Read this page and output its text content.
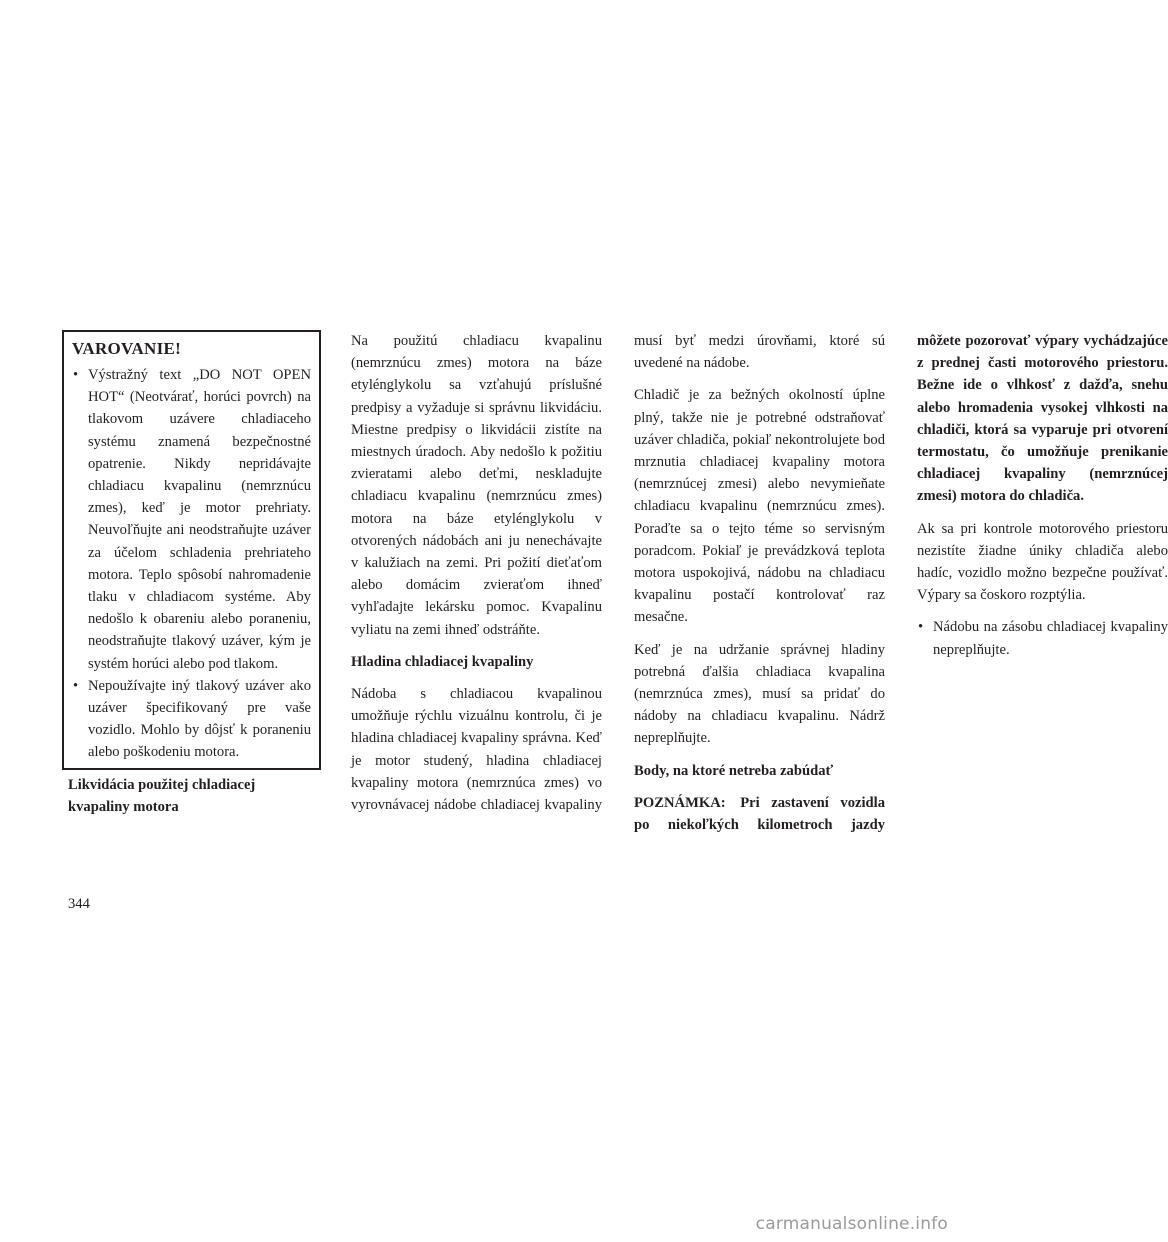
VAROVANIE!
• Výstražný text „DO NOT OPEN HOT“ (Neotvárať, horúci povrch) na tlakovom uzávere chladiaceho systému znamená bezpečnostné opatrenie. Nikdy nepridávajte chladiacu kvapalinu (nemrznúcu zmes), keď je motor prehriaty. Neuvoľňujte ani neodstraňujte uzáver za účelom schladenia prehriateho motora. Teplo spôsobí nahromadenie tlaku v chladiacom systéme. Aby nedošlo k obareniu alebo poraneniu, neodstraňujte tlakový uzáver, kým je systém horúci alebo pod tlakom.
• Nepoužívajte iný tlakový uzáver ako uzáver špecifikovaný pre vaše vozidlo. Mohlo by dôjsť k poraneniu alebo poškodeniu motora.
Likvidácia použitej chladiacej kvapaliny motora

Na použitú chladiacu kvapalinu (nemrznúcu zmes) motora na báze etylénglykolu sa vzťahujú príslušné predpisy a vyžaduje si správnu likvidáciu. Miestne predpisy o likvidácii zistíte na miestnych úradoch. Aby nedošlo k požitiu zvieratami alebo deťmi, neskladujte chladiacu kvapalinu (nemrznúcu zmes) motora na báze etylénglykolu v otvorených nádobách ani ju nenechávajte v kalužiach na zemi. Pri požití dieťaťom alebo domácim zvieraťom ihneď vyhľadajte lekársku pomoc. Kvapalinu vyliatu na zemi ihneď odstráňte.

Hladina chladiacej kvapaliny

Nádoba s chladiacou kvapalinou umožňuje rýchlu vizuálnu kontrolu, či je hladina chladiacej kvapaliny správna. Keď je motor studený, hladina chladiacej kvapaliny motora (nemrznúca zmes) vo vyrovnávacej nádobe chladiacej kvapaliny musí byť medzi úrovňami, ktoré sú uvedené na nádobe.

Chladič je za bežných okolností úplne plný, takže nie je potrebné odstraňovať uzáver chladiča, pokiaľ nekontrolujete bod mrznutia chladiacej kvapaliny motora (nemrznúcej zmesi) alebo nevymieňate chladiacu kvapalinu (nemrznúcu zmes). Poraďte sa o tejto téme so servisným poradcom. Pokiaľ je prevádzková teplota motora uspokojivá, nádobu na chladiacu kvapalinu postačí kontrolovať raz mesačne.

Keď je na udržanie správnej hladiny potrebná ďalšia chladiaca kvapalina (nemrznúca zmes), musí sa pridať do nádoby na chladiacu kvapalinu. Nádrž nepreplňujte.

Body, na ktoré netreba zabúdať

POZNÁMKA:  Pri zastavení vozidla po niekoľkých kilometroch jazdy môžete pozorovať výpary vychádzajúce z prednej časti motorového priestoru. Bežne ide o vlhkosť z dažďa, snehu alebo hromadenia vysokej vlhkosti na chladiči, ktorá sa vyparuje pri otvorení termostatu, čo umožňuje prenikanie chladiacej kvapaliny (nemrznúcej zmesi) motora do chladiča.

Ak sa pri kontrole motorového priestoru nezistíte žiadne úniky chladiča alebo hadíc, vozidlo možno bezpečne používať. Výpary sa čoskoro rozptýlia.

• Nádobu na zásobu chladiacej kvapaliny nepreplňujte.
344
carmanualsonline.info
